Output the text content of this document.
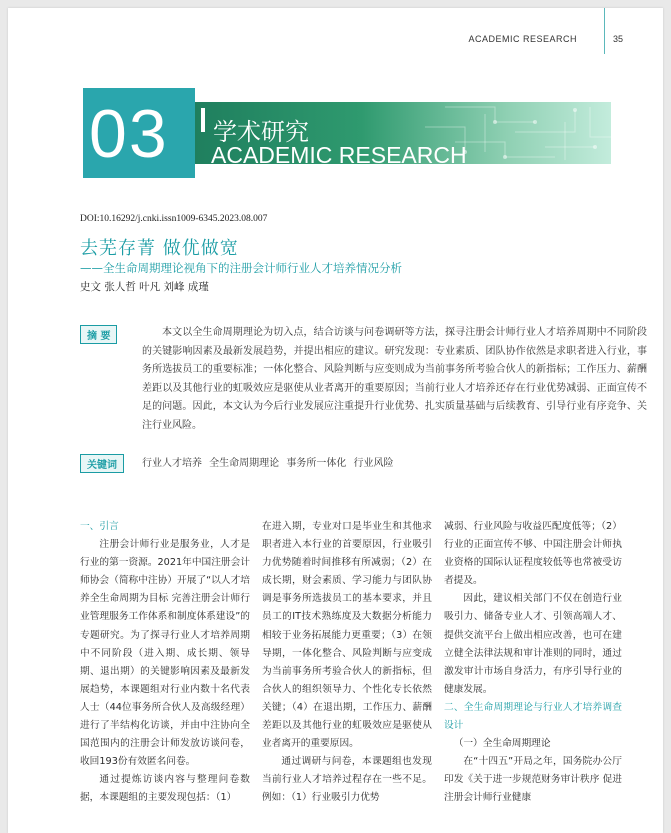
ACADEMIC RESEARCH	35
03 学术研究
ACADEMIC RESEARCH
DOI:10.16292/j.cnki.issn1009-6345.2023.08.007
去芜存菁 做优做宽
——全生命周期理论视角下的注册会计师行业人才培养情况分析
史文 张人哲 叶凡 刘峰 成瑾
摘 要	本文以全生命周期理论为切入点，结合访谈与问卷调研等方法，探寻注册会计师行业人才培养周期中不同阶段的关键影响因素及最新发展趋势，并提出相应的建议。研究发现：专业素质、团队协作依然是求职者进入行业，事务所选拔员工的重要标准；一体化整合、风险判断与应变则成为当前事务所考验合伙人的新指标；工作压力、薪酬差距以及其他行业的虹吸效应是驱使从业者离开的重要原因；当前行业人才培养还存在行业优势减弱、正面宣传不足的问题。因此，本文认为今后行业发展应注重提升行业优势、扎实质量基础与后续教育、引导行业有序竞争、关注行业风险。
关键词	行业人才培养 全生命周期理论 事务所一体化 行业风险

一、引言

注册会计师行业是服务业，人才是行业的第一资源。2021年中国注册会计师协会（简称中注协）开展了“以人才培养全生命周期为目标 完善注册会计师行业管理服务工作体系和制度体系建设”的专题研究。为了探寻行业人才培养周期中不同阶段（进入期、成长期、领导期、退出期）的关键影响因素及最新发展趋势，本课题组对行业内数十名代表人士（44位事务所合伙人及高级经理）进行了半结构化访谈，并由中注协向全国范围内的注册会计师发放访谈问卷，收回193份有效匿名问卷。

通过提炼访谈内容与整理问卷数据，本课题组的主要发现包括：（1）

在进入期，专业对口是毕业生和其他求职者进入本行业的首要原因，行业吸引力优势随着时间推移有所减弱；（2）在成长期，财会素质、学习能力与团队协调是事务所选拔员工的基本要求，并且员工的IT技术熟练度及大数据分析能力相较于业务拓展能力更重要；（3）在领导期，一体化整合、风险判断与应变成为当前事务所考验合伙人的新指标，但合伙人的组织领导力、个性化专长依然关键；（4）在退出期，工作压力、薪酬差距以及其他行业的虹吸效应是驱使从业者离开的重要原因。

通过调研与问卷，本课题组也发现当前行业人才培养过程存在一些不足。例如：（1）行业吸引力优势

减弱、行业风险与收益匹配度低等；（2）行业的正面宣传不够、中国注册会计师执业资格的国际认证程度较低等也常被受访者提及。

因此，建议相关部门不仅在创造行业吸引力、储备专业人才、引领高端人才、提供交流平台上做出相应改善，也可在建立健全法律法规和审计准则的同时，通过激发审计市场自身活力，有序引导行业的健康发展。

二、全生命周期理论与行业人才培养调查设计

（一）全生命周期理论

在“十四五”开局之年，国务院办公厅印发《关于进一步规范财务审计秩序 促进注册会计师行业健康
